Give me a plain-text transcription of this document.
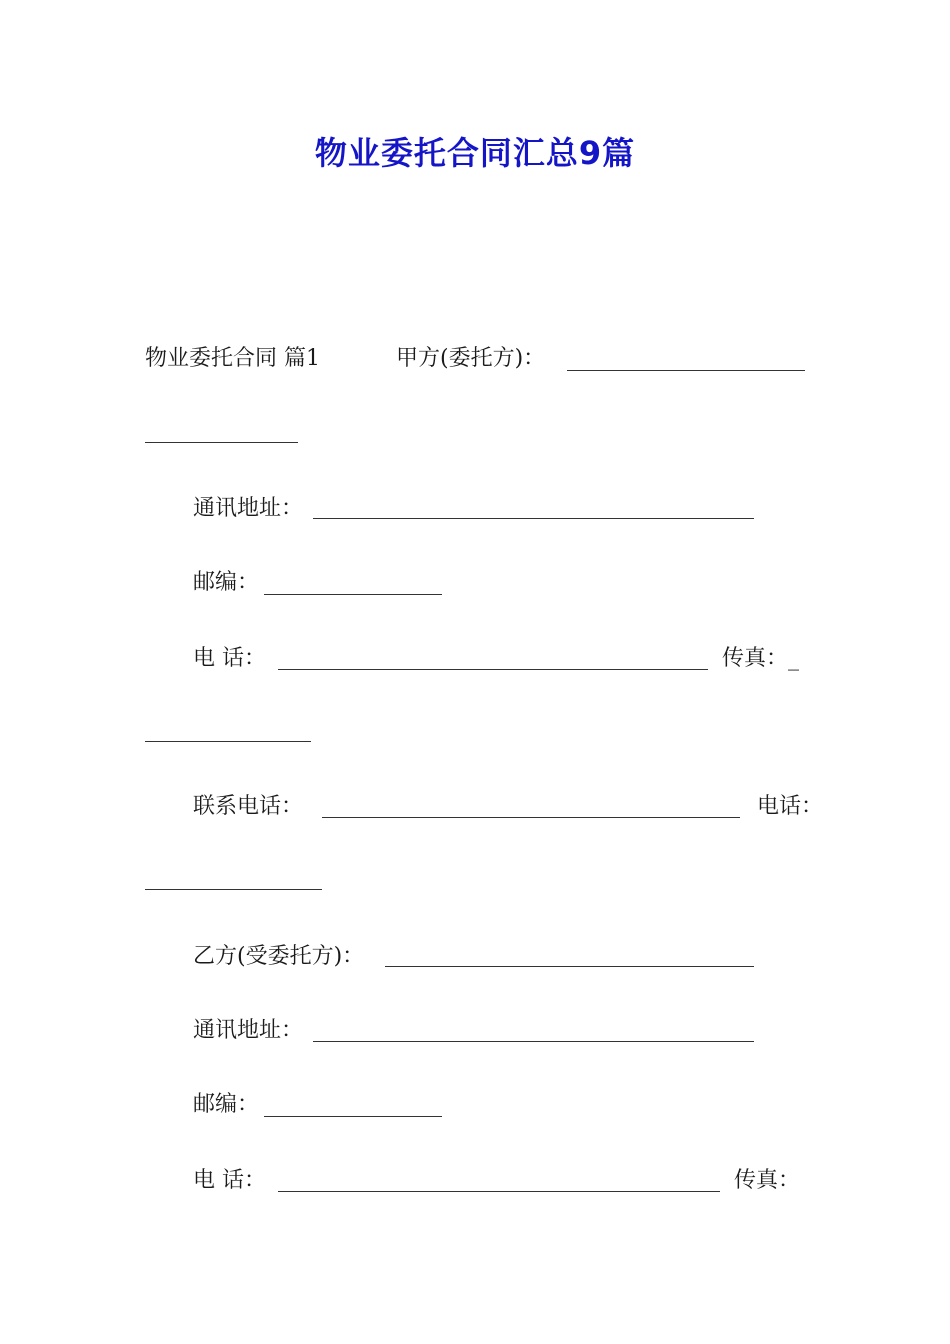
物业委托合同汇总9篇
物业委托合同 篇1	甲方(委托方)：
通讯地址：
邮编：
电 话：	传真：_
联系电话：	电话：
乙方(受委托方)：
通讯地址：
邮编：
电 话：	传真：
